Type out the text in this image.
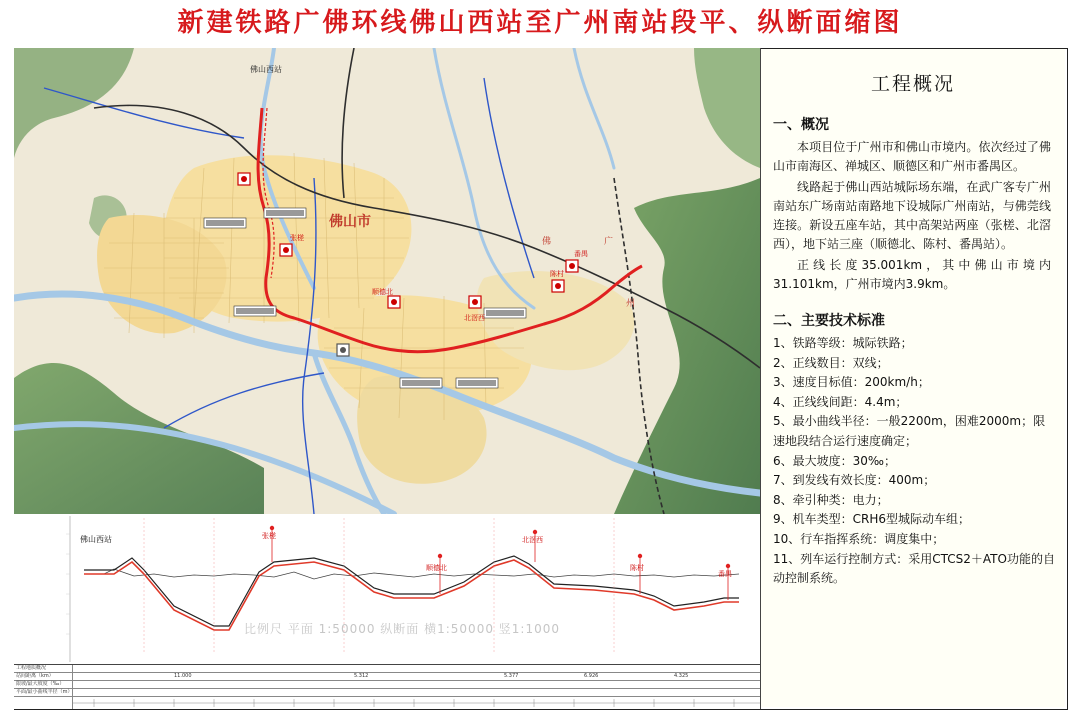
新建铁路广佛环线佛山西站至广州南站段平、纵断面缩图
佛山市
佛山西站
佛	广
州
张槎
北滘西
顺德北
陈村
番禺
佛山西站	张槎
顺德北
北滘西
陈村
番禺
比例尺 平面 1:50000 纵断面 横1:50000 竖1:1000
工程地质概况
站间距离（km）	11.000	5.312	5.377	6.926	4.325
限坡/最大坡度（‰）
平面/最小曲线半径（m）
工程概况
一、概况

本项目位于广州市和佛山市境内。依次经过了佛山市南海区、禅城区、顺德区和广州市番禺区。

线路起于佛山西站城际场东端，在武广客专广州南站东广场南站南路地下设城际广州南站，与佛莞线连接。新设五座车站，其中高架站两座（张槎、北滘西），地下站三座（顺德北、陈村、番禺站）。

正线长度35.001km，其中佛山市境内31.101km，广州市境内3.9km。

二、主要技术标准
1、铁路等级：城际铁路；
2、正线数目：双线；
3、速度目标值：200km/h；
4、正线线间距：4.4m；
5、最小曲线半径：一般2200m，困难2000m；限速地段结合运行速度确定；
6、最大坡度：30‰；
7、到发线有效长度：400m；
8、牵引种类：电力；
9、机车类型：CRH6型城际动车组；
10、行车指挥系统：调度集中；
11、列车运行控制方式：采用CTCS2＋ATO功能的自动控制系统。
